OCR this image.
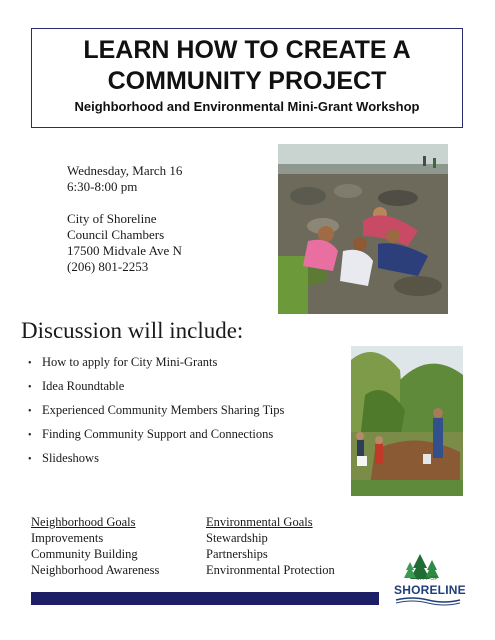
LEARN HOW TO CREATE A
COMMUNITY PROJECT
Neighborhood and Environmental Mini-Grant Workshop
Wednesday, March 16
6:30-8:00 pm
City of Shoreline
Council Chambers
17500 Midvale Ave N
(206) 801-2253
Discussion will include:
• How to apply for City Mini-Grants
• Idea Roundtable
• Experienced Community Members Sharing Tips
• Finding Community Support and Connections
• Slideshows
Neighborhood Goals
Improvements
Community Building
Neighborhood Awareness
Environmental Goals
Stewardship
Partnerships
Environmental Protection
CITY OF
SHORELINE
